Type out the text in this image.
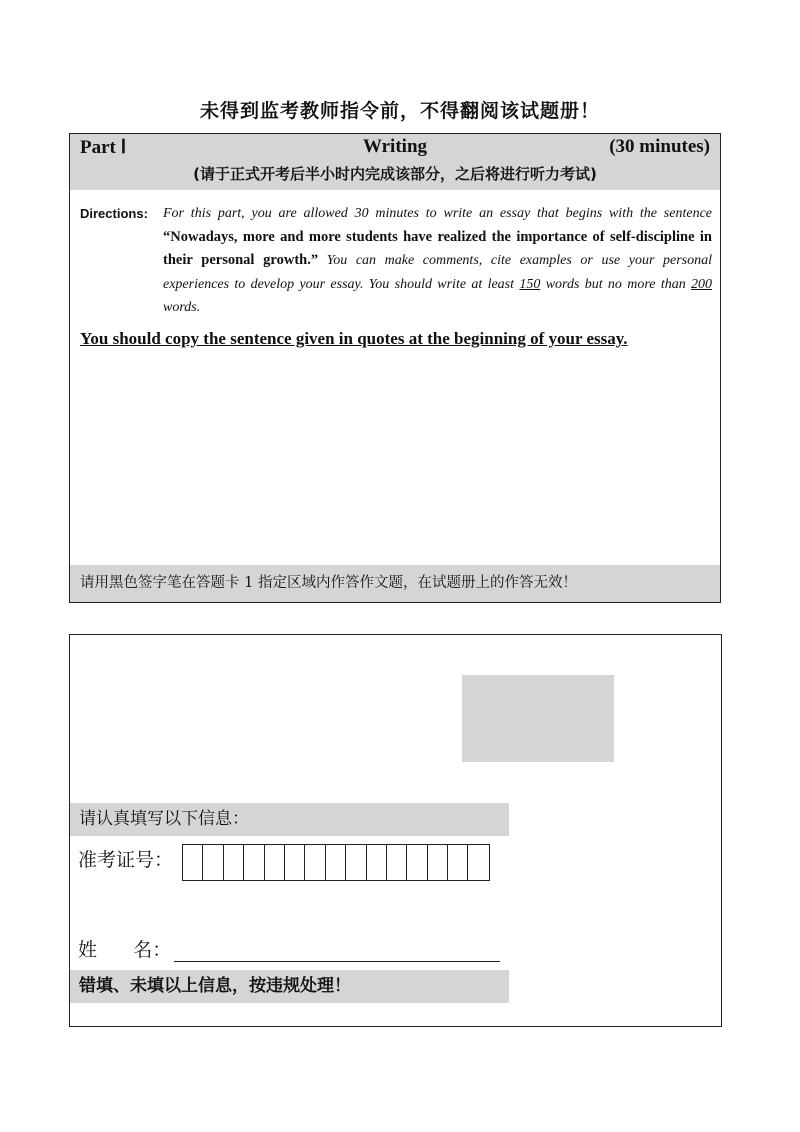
未得到监考教师指令前，不得翻阅该试题册！
Part Ⅰ	Writing	(30 minutes)
(请于正式开考后半小时内完成该部分，之后将进行听力考试)
Directions: For this part, you are allowed 30 minutes to write an essay that begins with the sentence “Nowadays, more and more students have realized the importance of self-discipline in their personal growth.” You can make comments, cite examples or use your personal experiences to develop your essay. You should write at least 150 words but no more than 200 words.
You should copy the sentence given in quotes at the beginning of your essay.
请用黑色签字笔在答题卡 1 指定区域内作答作文题，在试题册上的作答无效！
请认真填写以下信息：
准考证号：
姓      名：
错填、未填以上信息，按违规处理！
